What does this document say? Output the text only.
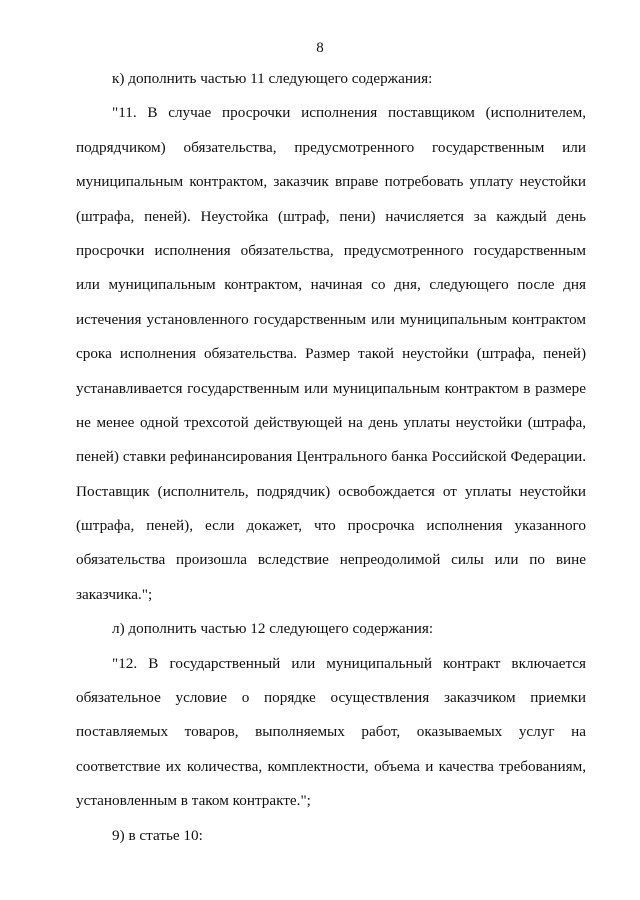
8
к) дополнить частью 11 следующего содержания:
"11. В случае просрочки исполнения поставщиком (исполнителем,
подрядчиком) обязательства, предусмотренного государственным или
муниципальным контрактом, заказчик вправе потребовать уплату неустойки
(штрафа, пеней). Неустойка (штраф, пени) начисляется за каждый день
просрочки исполнения обязательства, предусмотренного государственным
или муниципальным контрактом, начиная со дня, следующего после дня
истечения установленного государственным или муниципальным контрактом
срока исполнения обязательства. Размер такой неустойки (штрафа, пеней)
устанавливается государственным или муниципальным контрактом в размере
не менее одной трехсотой действующей на день уплаты неустойки (штрафа,
пеней) ставки рефинансирования Центрального банка Российской Федерации.
Поставщик (исполнитель, подрядчик) освобождается от уплаты неустойки
(штрафа, пеней), если докажет, что просрочка исполнения указанного
обязательства произошла вследствие непреодолимой силы или по вине
заказчика.";
л) дополнить частью 12 следующего содержания:
"12. В государственный или муниципальный контракт включается
обязательное условие о порядке осуществления заказчиком приемки
поставляемых товаров, выполняемых работ, оказываемых услуг на
соответствие их количества, комплектности, объема и качества требованиям,
установленным в таком контракте.";
9) в статье 10:
